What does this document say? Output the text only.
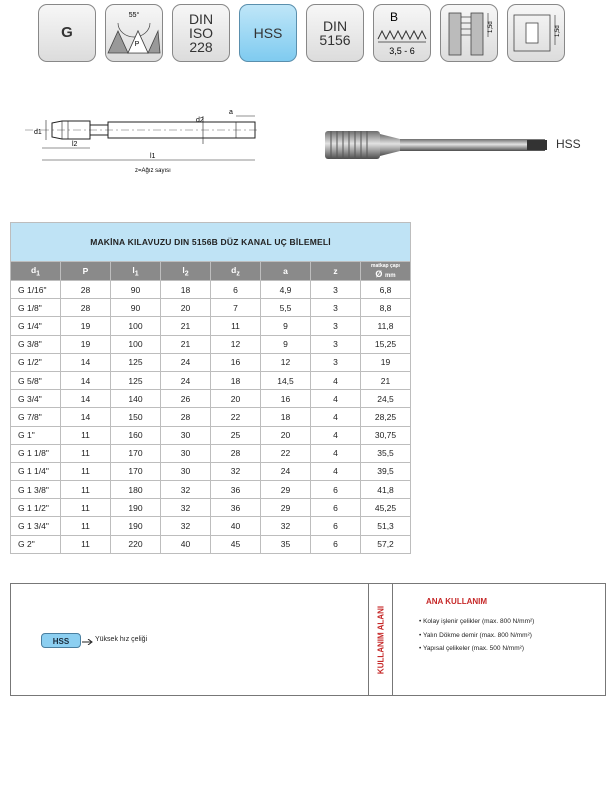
G
55°
P
DIN
ISO
228
HSS	DIN
5156
B
3,5 - 6
1,5d	1,5d
d1
d2
a
l2
l1
z=Ağız sayısı
HSS
MAKİNA KILAVUZU DIN 5156B DÜZ KANAL UÇ BİLEMELİ							
$d_1$	P	$l_1$	$l_2$	$d_z$	a	z	matkap çapı
Ø mm
G 1/16"	28	90	18	6	4,9	3	6,8
G 1/8"	28	90	20	7	5,5	3	8,8
G 1/4"	19	100	21	11	9	3	11,8
G 3/8"	19	100	21	12	9	3	15,25
G 1/2"	14	125	24	16	12	3	19
G 5/8"	14	125	24	18	14,5	4	21
G 3/4"	14	140	26	20	16	4	24,5
G 7/8"	14	150	28	22	18	4	28,25
G 1"	11	160	30	25	20	4	30,75
G 1 1/8"	11	170	30	28	22	4	35,5
G 1 1/4"	11	170	30	32	24	4	39,5
G 1 3/8"	11	180	32	36	29	6	41,8
G 1 1/2"	11	190	32	36	29	6	45,25
G 1 3/4"	11	190	32	40	32	6	51,3
G 2"	11	220	40	45	35	6	57,2
HSS	Yüksek hız çeliği	KULLANIM ALANI
ANA KULLANIM
• Kolay işlenir çelikler (max. 800 N/mm²)
• Yalın Dökme demir (max. 800 N/mm²)
• Yapısal çelikeler (max. 500 N/mm²)
